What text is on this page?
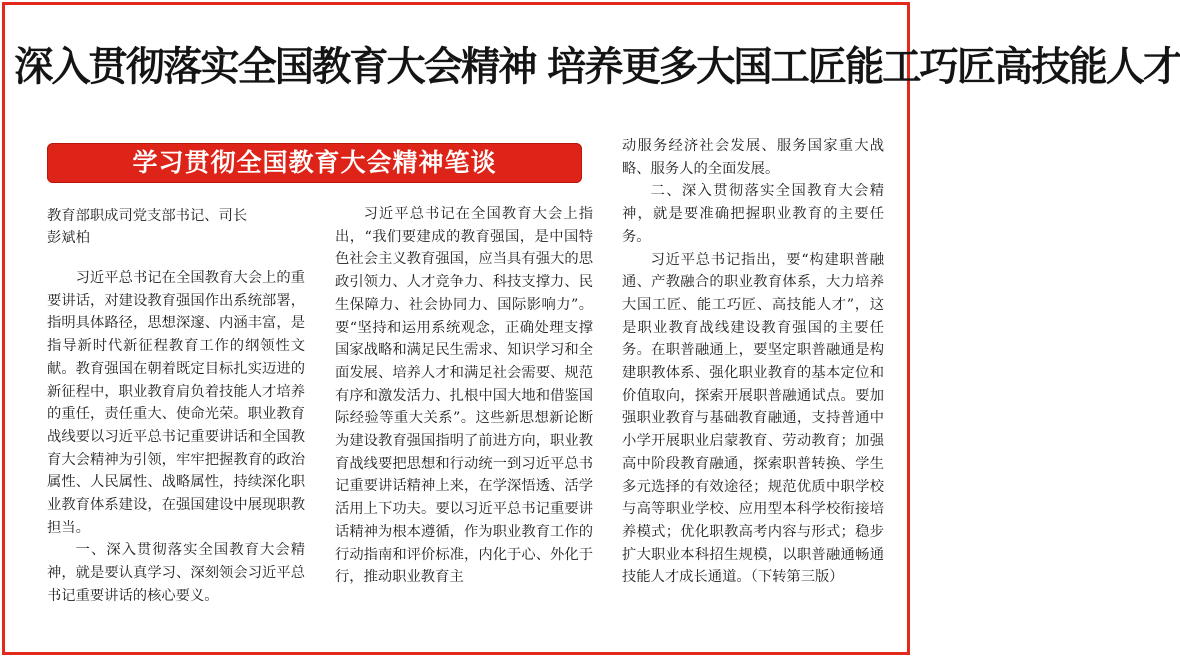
深入贯彻落实全国教育大会精神 培养更多大国工匠能工巧匠高技能人才
学习贯彻全国教育大会精神笔谈
教育部职成司党支部书记、司长
彭斌柏

习近平总书记在全国教育大会上的重要讲话，对建设教育强国作出系统部署，指明具体路径，思想深邃、内涵丰富，是指导新时代新征程教育工作的纲领性文献。教育强国在朝着既定目标扎实迈进的新征程中，职业教育肩负着技能人才培养的重任，责任重大、使命光荣。职业教育战线要以习近平总书记重要讲话和全国教育大会精神为引领，牢牢把握教育的政治属性、人民属性、战略属性，持续深化职业教育体系建设，在强国建设中展现职教担当。

一、深入贯彻落实全国教育大会精神，就是要认真学习、深刻领会习近平总书记重要讲话的核心要义。

习近平总书记在全国教育大会上指出，“我们要建成的教育强国，是中国特色社会主义教育强国，应当具有强大的思政引领力、人才竞争力、科技支撑力、民生保障力、社会协同力、国际影响力”。要“坚持和运用系统观念，正确处理支撑国家战略和满足民生需求、知识学习和全面发展、培养人才和满足社会需要、规范有序和激发活力、扎根中国大地和借鉴国际经验等重大关系”。这些新思想新论断为建设教育强国指明了前进方向，职业教育战线要把思想和行动统一到习近平总书记重要讲话精神上来，在学深悟透、活学活用上下功夫。要以习近平总书记重要讲话精神为根本遵循，作为职业教育工作的行动指南和评价标准，内化于心、外化于行，推动职业教育主

动服务经济社会发展、服务国家重大战略、服务人的全面发展。

二、深入贯彻落实全国教育大会精神，就是要准确把握职业教育的主要任务。

习近平总书记指出，要“构建职普融通、产教融合的职业教育体系，大力培养大国工匠、能工巧匠、高技能人才”，这是职业教育战线建设教育强国的主要任务。在职普融通上，要坚定职普融通是构建职教体系、强化职业教育的基本定位和价值取向，探索开展职普融通试点。要加强职业教育与基础教育融通，支持普通中小学开展职业启蒙教育、劳动教育；加强高中阶段教育融通，探索职普转换、学生多元选择的有效途径；规范优质中职学校与高等职业学校、应用型本科学校衔接培养模式；优化职教高考内容与形式；稳步扩大职业本科招生规模，以职普融通畅通技能人才成长通道。（下转第三版）
